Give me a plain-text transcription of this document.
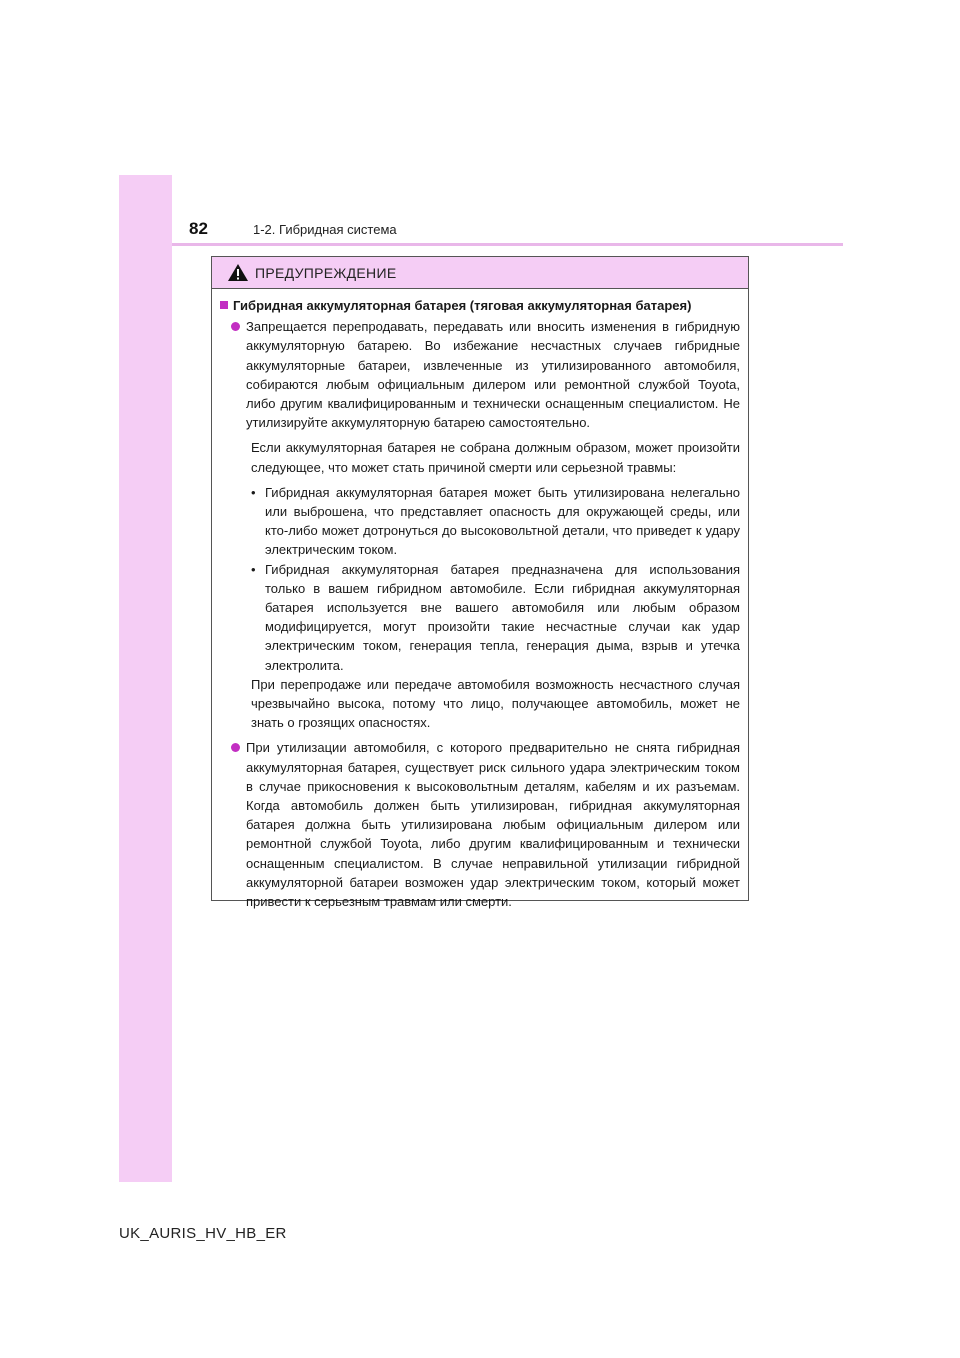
82	1-2. Гибридная система
ПРЕДУПРЕЖДЕНИЕ
Гибридная аккумуляторная батарея (тяговая аккумуляторная батарея)
Запрещается перепродавать, передавать или вносить изменения в гибридную аккумуляторную батарею. Во избежание несчастных случаев гибридные аккумуляторные батареи, извлеченные из утилизированного автомобиля, собираются любым официальным дилером или ремонтной службой Toyota, либо другим квалифицированным и технически оснащенным специалистом. Не утилизируйте аккумуляторную батарею самостоятельно.
Если аккумуляторная батарея не собрана должным образом, может произойти следующее, что может стать причиной смерти или серьезной травмы:
• Гибридная аккумуляторная батарея может быть утилизирована нелегально или выброшена, что представляет опасность для окружающей среды, или кто-либо может дотронуться до высоковольтной детали, что приведет к удару электрическим током.
• Гибридная аккумуляторная батарея предназначена для использования только в вашем гибридном автомобиле. Если гибридная аккумуляторная батарея используется вне вашего автомобиля или любым образом модифицируется, могут произойти такие несчастные случаи как удар электрическим током, генерация тепла, генерация дыма, взрыв и утечка электролита.
При перепродаже или передаче автомобиля возможность несчастного случая чрезвычайно высока, потому что лицо, получающее автомобиль, может не знать о грозящих опасностях.
При утилизации автомобиля, с которого предварительно не снята гибридная аккумуляторная батарея, существует риск сильного удара электрическим током в случае прикосновения к высоковольтным деталям, кабелям и их разъемам. Когда автомобиль должен быть утилизирован, гибридная аккумуляторная батарея должна быть утилизирована любым официальным дилером или ремонтной службой Toyota, либо другим квалифицированным и технически оснащенным специалистом. В случае неправильной утилизации гибридной аккумуляторной батареи возможен удар электрическим током, который может привести к серьезным травмам или смерти.
UK_AURIS_HV_HB_ER
